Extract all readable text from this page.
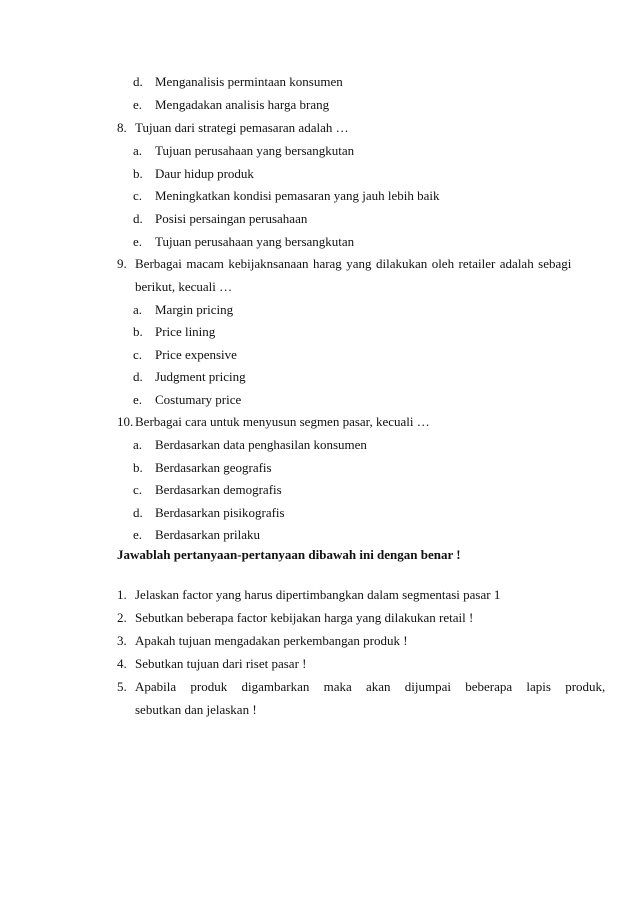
d. Menganalisis permintaan konsumen
e. Mengadakan analisis harga brang
8. Tujuan dari strategi pemasaran adalah …
a. Tujuan perusahaan yang bersangkutan
b. Daur hidup produk
c. Meningkatkan kondisi pemasaran yang jauh lebih baik
d. Posisi persaingan perusahaan
e. Tujuan perusahaan yang bersangkutan
9. Berbagai macam kebijaknsanaan harag yang dilakukan oleh retailer adalah sebagi
berikut, kecuali …
a. Margin pricing
b. Price lining
c. Price expensive
d. Judgment pricing
e. Costumary price
10. Berbagai cara untuk menyusun segmen pasar, kecuali …
a. Berdasarkan data penghasilan konsumen
b. Berdasarkan geografis
c. Berdasarkan demografis
d. Berdasarkan pisikografis
e. Berdasarkan prilaku
Jawablah pertanyaan-pertanyaan dibawah ini dengan benar !
1. Jelaskan factor yang harus dipertimbangkan dalam segmentasi pasar 1
2. Sebutkan beberapa factor kebijakan harga yang dilakukan retail !
3. Apakah tujuan mengadakan perkembangan produk !
4. Sebutkan tujuan dari riset pasar !
5. Apabila produk digambarkan maka akan dijumpai beberapa lapis produk,
sebutkan dan jelaskan !
